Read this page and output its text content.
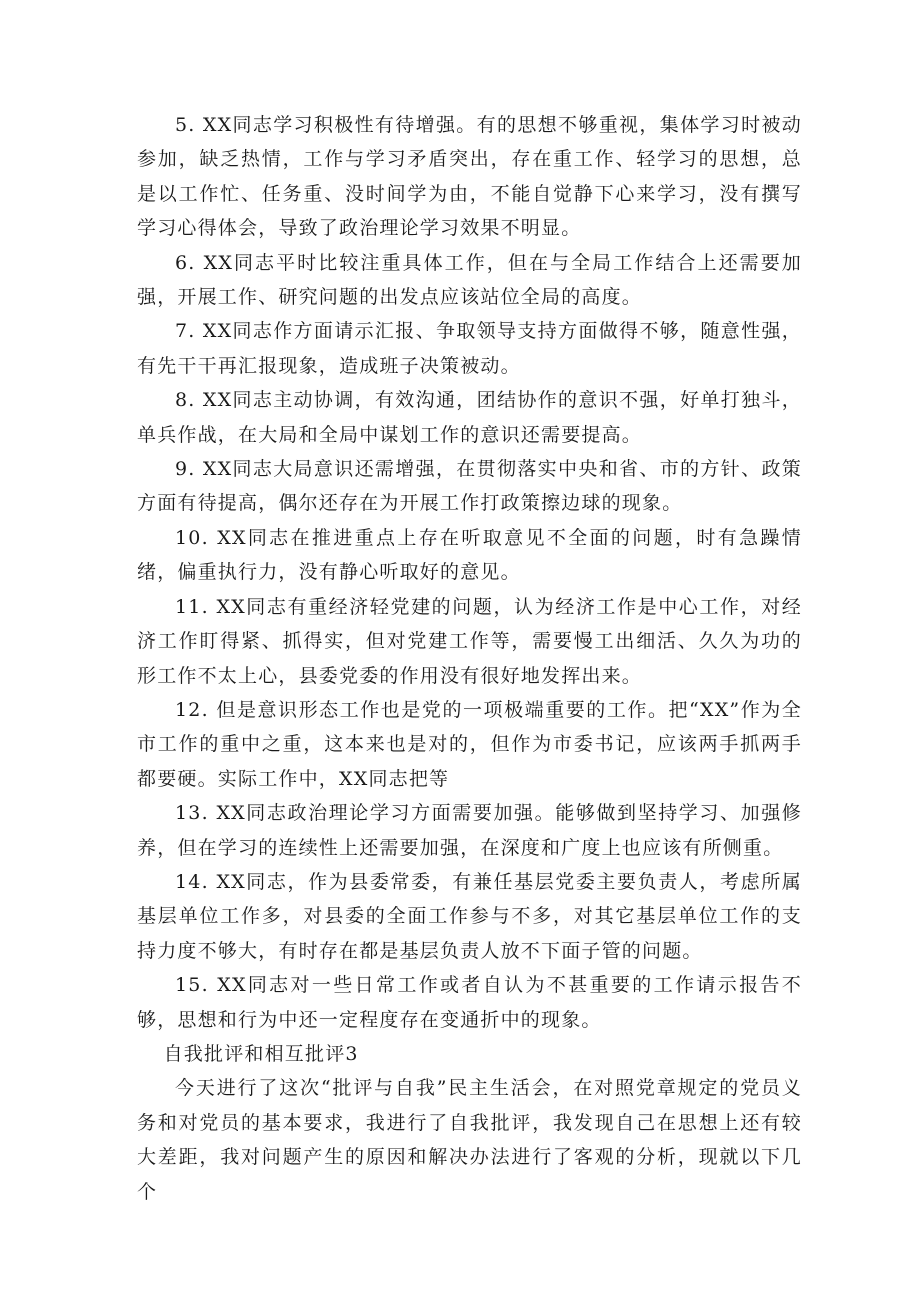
5. XX同志学习积极性有待增强。有的思想不够重视，集体学习时被动参加，缺乏热情，工作与学习矛盾突出，存在重工作、轻学习的思想，总是以工作忙、任务重、没时间学为由，不能自觉静下心来学习，没有撰写学习心得体会，导致了政治理论学习效果不明显。

6. XX同志平时比较注重具体工作，但在与全局工作结合上还需要加强，开展工作、研究问题的出发点应该站位全局的高度。

7. XX同志作方面请示汇报、争取领导支持方面做得不够，随意性强，有先干干再汇报现象，造成班子决策被动。

8. XX同志主动协调，有效沟通，团结协作的意识不强，好单打独斗，单兵作战，在大局和全局中谋划工作的意识还需要提高。

9. XX同志大局意识还需增强，在贯彻落实中央和省、市的方针、政策方面有待提高，偶尔还存在为开展工作打政策擦边球的现象。

10. XX同志在推进重点上存在听取意见不全面的问题，时有急躁情绪，偏重执行力，没有静心听取好的意见。

11. XX同志有重经济轻党建的问题，认为经济工作是中心工作，对经济工作盯得紧、抓得实，但对党建工作等，需要慢工出细活、久久为功的形工作不太上心，县委党委的作用没有很好地发挥出来。

12. 但是意识形态工作也是党的一项极端重要的工作。把“XX”作为全市工作的重中之重，这本来也是对的，但作为市委书记，应该两手抓两手都要硬。实际工作中，XX同志把等

13. XX同志政治理论学习方面需要加强。能够做到坚持学习、加强修养，但在学习的连续性上还需要加强，在深度和广度上也应该有所侧重。

14. XX同志，作为县委常委，有兼任基层党委主要负责人，考虑所属基层单位工作多，对县委的全面工作参与不多，对其它基层单位工作的支持力度不够大，有时存在都是基层负责人放不下面子管的问题。

15. XX同志对一些日常工作或者自认为不甚重要的工作请示报告不够，思想和行为中还一定程度存在变通折中的现象。

自我批评和相互批评3

今天进行了这次“批评与自我”民主生活会，在对照党章规定的党员义务和对党员的基本要求，我进行了自我批评，我发现自己在思想上还有较大差距，我对问题产生的原因和解决办法进行了客观的分析，现就以下几个
